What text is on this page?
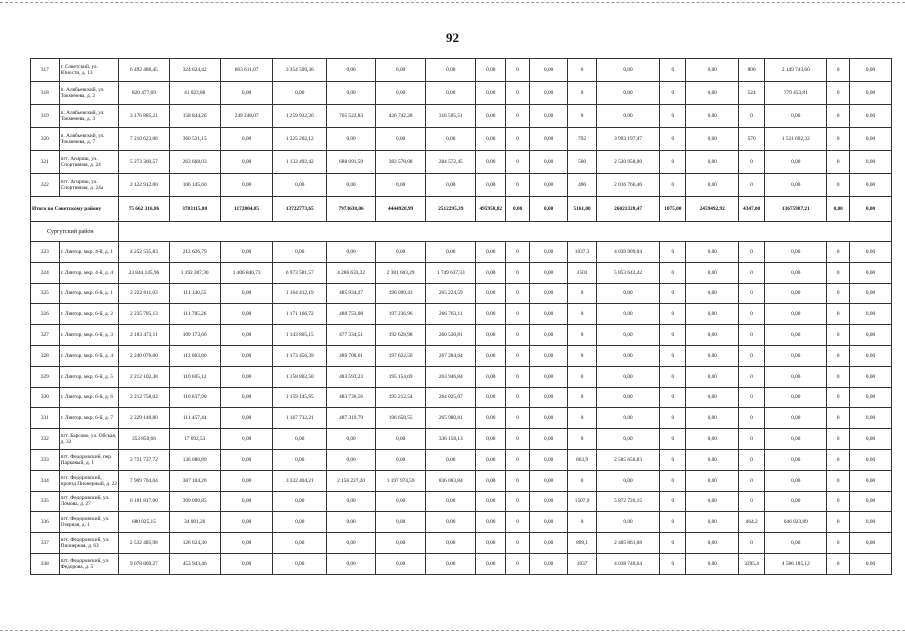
92
317	г. Советский, ул. Юности, д. 13	6 492 488,45	324 624,42	663 611,07	3 354 509,36	0,00	0,00	0,00	0,00	0	0,00	0	0,00	0	0,00	800	2 149 743,60	0	0,00
318	п. Алябьевский, ул. Токменева, д. 2	820 477,69	41 023,88	0,00	0,00	0,00	0,00	0,00	0,00	0	0,00	0	0,00	0	0,00	524	779 453,81	0	0,00
319	п. Алябьевский, ул. Токменева, д. 3	3 176 885,21	158 844,26	249 248,07	1 259 932,26	765 522,83	426 742,28	316 595,51	0,00	0	0,00	0	0,00	0	0,00	0	0,00	0	0,00
320	п. Алябьевский, ул. Токменева, д. 7	7 210 623,06	360 531,15	0,00	1 325 202,12	0,00	0,00	0,00	0,00	0	0,00	792	3 993 197,47	0	0,00	570	1 531 692,32	0	0,00
321	пгт. Агириш, ул. Спортивная, д. 24	5 273 360,57	263 668,03	0,00	1 132 492,42	688 091,59	383 578,08	284 572,45	0,00	0	0,00	500	2 520 958,00	0	0,00	0	0,00	0	0,00
322	пгт. Агириш, ул. Спортивная, д. 24а	2 122 912,00	106 145,60	0,00	0,00	0,00	0,00	0,00	0,00	0	0,00	400	2 016 766,40	0	0,00	0	0,00	0	0,00
Итого по Советскому району		75 662 316,86	3783115,80	1172804,85	13722773,65	7973638,06	4444920,99	2512295,39	495958,82	0,00	0,00	5161,00	26021328,47	1075,00	2459492,92	4347,00	13675987,21	0,00	0,00
Сургутский район																			
323	г. Лянтор, мкр. 4-й, д. 1	4 252 535,83	212 626,79	0,00	0,00	0,00	0,00	0,00	0,00	0	0,00	1037,3	4 039 909,04	0	0,00	0	0,00	0	0,00
324	г. Лянтор, мкр. 4-й, д. 4	23 844 145,96	1 192 207,30	1 406 840,73	6 973 581,57	4 286 633,32	2 381 603,29	1 749 637,33	0,00	0	0,00	1503	5 853 642,42	0	0,00	0	0,00	0	0,00
325	г. Лянтор, мкр. 6-й, д. 1	2 222 811,03	111 140,55	0,00	1 164 412,19	485 934,27	196 099,43	265 224,59	0,00	0	0,00	0	0,00	0	0,00	0	0,00	0	0,00
326	г. Лянтор, мкр. 6-й, д. 2	2 235 705,13	111 785,26	0,00	1 171 166,72	488 753,08	197 236,96	266 763,11	0,00	0	0,00	0	0,00	0	0,00	0	0,00	0	0,00
327	г. Лянтор, мкр. 6-й, д. 3	2 183 473,11	109 173,66	0,00	1 143 805,15	477 334,51	192 628,98	260 530,81	0,00	0	0,00	0	0,00	0	0,00	0	0,00	0	0,00
328	г. Лянтор, мкр. 6-й, д. 4	2 240 076,00	112 003,80	0,00	1 173 456,39	489 708,61	197 622,56	267 284,64	0,00	0	0,00	0	0,00	0	0,00	0	0,00	0	0,00
329	г. Лянтор, мкр. 6-й, д. 5	2 212 102,38	110 605,12	0,00	1 158 802,50	483 593,23	195 154,69	263 946,84	0,00	0	0,00	0	0,00	0	0,00	0	0,00	0	0,00
330	г. Лянтор, мкр. 6-й, д. 6	2 212 758,02	110 637,90	0,00	1 159 145,95	483 736,56	195 212,54	264 025,07	0,00	0	0,00	0	0,00	0	0,00	0	0,00	0	0,00
331	г. Лянтор, мкр. 6-й, д. 7	2 229 148,80	111 457,44	0,00	1 167 732,21	487 319,79	196 658,55	265 980,81	0,00	0	0,00	0	0,00	0	0,00	0	0,00	0	0,00
332	пгт. Барсово, ул. Обская, д. 32	353 850,66	17 692,53	0,00	0,00	0,00	0,00	336 158,13	0,00	0	0,00	0	0,00	0	0,00	0	0,00	0	0,00
333	пгт. Федоровский, пер. Парковый, д. 1	2 721 737,72	136 086,89	0,00	0,00	0,00	0,00	0,00	0,00	0	0,00	663,9	2 585 650,83	0	0,00	0	0,00	0	0,00
334	пгт. Федоровский, проезд Пионерный, д. 22	7 909 704,04	387 104,20	0,00	3 332 404,21	2 156 227,20	1 197 974,59	836 083,84	0,00	0	0,00	0	0,00	0	0,00	0	0,00	0	0,00
335	пгт. Федоровский, ул. Ломова, д. 27	6 181 817,00	309 090,85	0,00	0,00	0,00	0,00	0,00	0,00	0	0,00	1507,9	5 872 726,15	0	0,00	0	0,00	0	0,00
336	пгт. Федоровский, ул. Озерная, д. 1	680 025,15	34 001,26	0,00	0,00	0,00	0,00	0,00	0,00	0	0,00	0	0,00	0	0,00	464,2	646 023,89	0	0,00
337	пгт. Федоровский, ул. Пионерная, д. 63	2 532 485,98	126 624,30	0,00	0,00	0,00	0,00	0,00	0,00	0	0,00	899,1	2 405 861,68	0	0,00	0	0,00	0	0,00
338	пгт. Федоровский, ул. Федорова, д. 5	9 078 869,27	453 943,46	0,00	0,00	0,00	0,00	0,00	0,00	0	0,00	1037	4 038 740,64	0	0,00	3295,4	4 586 185,12	0	0,00
